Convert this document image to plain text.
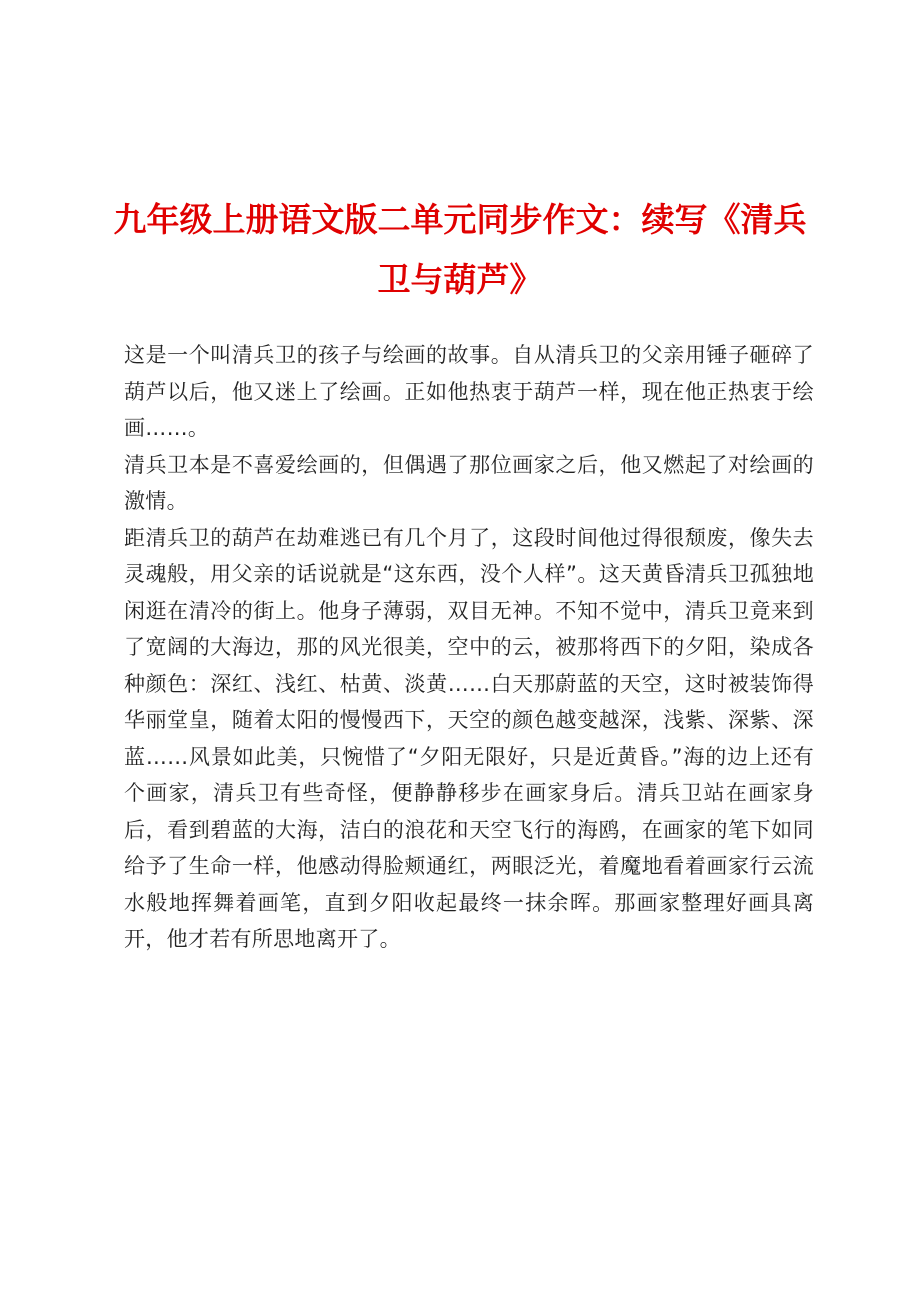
九年级上册语文版二单元同步作文：续写《清兵卫与葫芦》

这是一个叫清兵卫的孩子与绘画的故事。自从清兵卫的父亲用锤子砸碎了葫芦以后，他又迷上了绘画。正如他热衷于葫芦一样，现在他正热衷于绘画……。

清兵卫本是不喜爱绘画的，但偶遇了那位画家之后，他又燃起了对绘画的激情。

距清兵卫的葫芦在劫难逃已有几个月了，这段时间他过得很颓废，像失去灵魂般，用父亲的话说就是“这东西，没个人样”。这天黄昏清兵卫孤独地闲逛在清冷的街上。他身子薄弱，双目无神。不知不觉中，清兵卫竟来到了宽阔的大海边，那的风光很美，空中的云，被那将西下的夕阳，染成各种颜色：深红、浅红、枯黄、淡黄……白天那蔚蓝的天空，这时被装饰得华丽堂皇，随着太阳的慢慢西下，天空的颜色越变越深，浅紫、深紫、深蓝……风景如此美，只惋惜了“夕阳无限好，只是近黄昏。”海的边上还有个画家，清兵卫有些奇怪，便静静移步在画家身后。清兵卫站在画家身后，看到碧蓝的大海，洁白的浪花和天空飞行的海鸥，在画家的笔下如同给予了生命一样，他感动得脸颊通红，两眼泛光，着魔地看着画家行云流水般地挥舞着画笔，直到夕阳收起最终一抹余晖。那画家整理好画具离开，他才若有所思地离开了。
